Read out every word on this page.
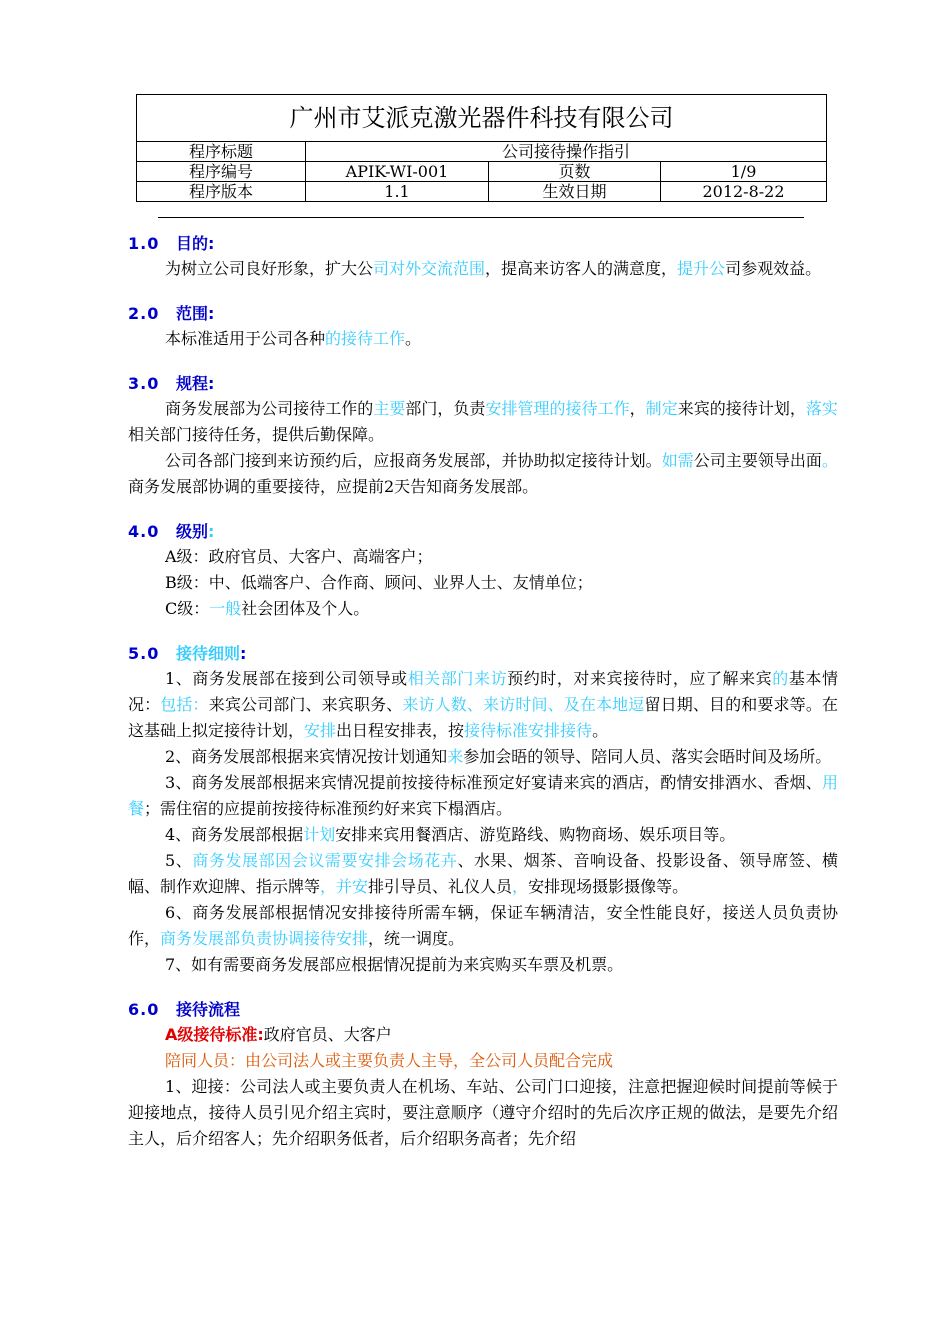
广州市艾派克激光器件科技有限公司
程序标题	公司接待操作指引
程序编号	APIK-WI-001	页数	1/9
程序版本	1.1	生效日期	2012-8-22

1.0 目的:

为树立公司良好形象，扩大公司对外交流范围，提高来访客人的满意度，提升公司参观效益。

2.0 范围:

本标准适用于公司各种的接待工作。

3.0 规程:

商务发展部为公司接待工作的主要部门，负责安排管理的接待工作，制定来宾的接待计划，落实相关部门接待任务，提供后勤保障。

公司各部门接到来访预约后，应报商务发展部，并协助拟定接待计划。如需公司主要领导出面。商务发展部协调的重要接待，应提前2天告知商务发展部。

4.0 级别:

A级：政府官员、大客户、高端客户；

B级：中、低端客户、合作商、顾问、业界人士、友情单位；

C级：一般社会团体及个人。

5.0 接待细则:

1、商务发展部在接到公司领导或相关部门来访预约时，对来宾接待时，应了解来宾的基本情况：包括：来宾公司部门、来宾职务、来访人数、来访时间、及在本地逗留日期、目的和要求等。在这基础上拟定接待计划，安排出日程安排表，按接待标准安排接待。

2、商务发展部根据来宾情况按计划通知来参加会晤的领导、陪同人员、落实会晤时间及场所。

3、商务发展部根据来宾情况提前按接待标准预定好宴请来宾的酒店，酌情安排酒水、香烟、用餐；需住宿的应提前按接待标准预约好来宾下榻酒店。

4、商务发展部根据计划安排来宾用餐酒店、游览路线、购物商场、娱乐项目等。

5、商务发展部因会议需要安排会场花卉、水果、烟茶、音响设备、投影设备、领导席签、横幅、制作欢迎牌、指示牌等，并安排引导员、礼仪人员，安排现场摄影摄像等。

6、商务发展部根据情况安排接待所需车辆，保证车辆清洁，安全性能良好，接送人员负责协作，商务发展部负责协调接待安排，统一调度。

7、如有需要商务发展部应根据情况提前为来宾购买车票及机票。

6.0 接待流程

A级接待标准:政府官员、大客户

陪同人员：由公司法人或主要负责人主导，全公司人员配合完成

1、迎接：公司法人或主要负责人在机场、车站、公司门口迎接，注意把握迎候时间提前等候于迎接地点，接待人员引见介绍主宾时，要注意顺序（遵守介绍时的先后次序正规的做法，是要先介绍主人，后介绍客人；先介绍职务低者，后介绍职务高者；先介绍
